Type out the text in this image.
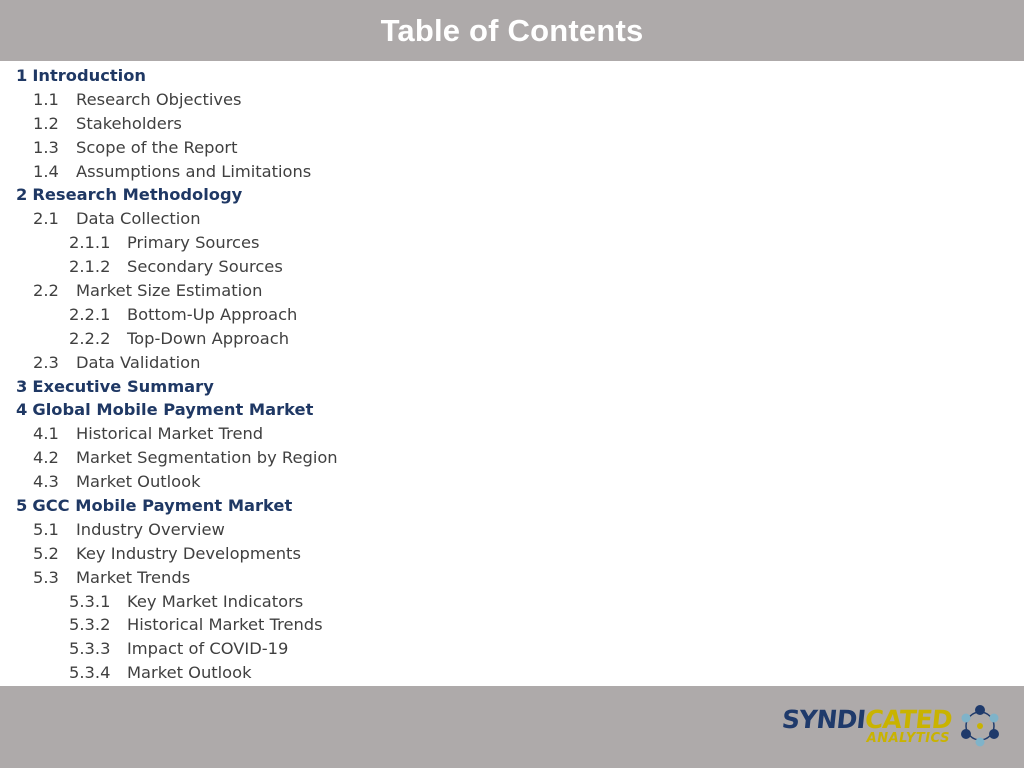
Table of Contents
1 Introduction
1.1	Research Objectives
1.2	Stakeholders
1.3	Scope of the Report
1.4	Assumptions and Limitations
2 Research Methodology
2.1	Data Collection
2.1.1	Primary Sources
2.1.2	Secondary Sources
2.2	Market Size Estimation
2.2.1	Bottom-Up Approach
2.2.2	Top-Down Approach
2.3	Data Validation
3 Executive Summary
4 Global Mobile Payment Market
4.1	Historical Market Trend
4.2	Market Segmentation by Region
4.3	Market Outlook
5 GCC Mobile Payment Market
5.1	Industry Overview
5.2	Key Industry Developments
5.3	Market Trends
5.3.1	Key Market Indicators
5.3.2	Historical Market Trends
5.3.3	Impact of COVID-19
5.3.4	Market Outlook
SYNDICATED
ANALYTICS
